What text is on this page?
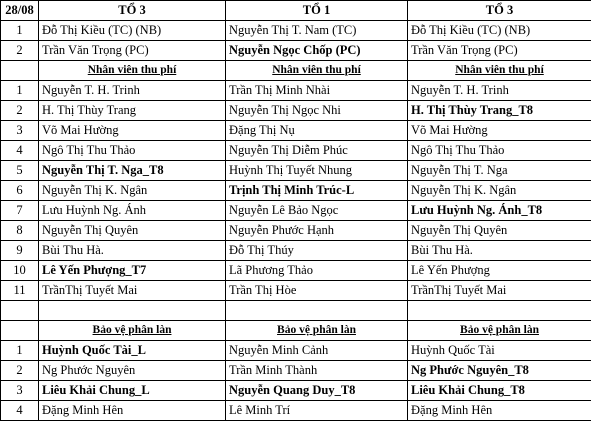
28/08	TỔ 3	TỔ 1	TỔ 3
1	Đỗ Thị Kiều (TC) (NB)	Nguyễn Thị T. Nam (TC)	Đỗ Thị Kiều (TC) (NB)
2	Trần Văn Trọng (PC)	Nguyễn Ngọc Chốp (PC)	Trần Văn Trọng (PC)
	Nhân viên thu phí	Nhân viên thu phí	Nhân viên thu phí
1	Nguyễn T. H. Trinh	Trần Thị Minh Nhài	Nguyễn T. H. Trinh
2	H. Thị Thùy Trang	Nguyễn Thị Ngọc Nhi	H. Thị Thùy Trang_T8
3	Võ Mai Hường	Đặng Thị Nụ	Võ Mai Hường
4	Ngô Thị Thu Thảo	Nguyễn Thị Diễm Phúc	Ngô Thị Thu Thảo
5	Nguyễn Thị T. Nga_T8	Huỳnh Thị Tuyết Nhung	Nguyễn Thị T. Nga
6	Nguyễn Thị K. Ngân	Trịnh Thị Minh Trúc-L	Nguyễn Thị K. Ngân
7	Lưu Huỳnh Ng. Ánh	Nguyễn Lê Bảo Ngọc	Lưu Huỳnh Ng. Ánh_T8
8	Nguyễn Thị Quyên	Nguyễn Phước Hạnh	Nguyễn Thị Quyên
9	Bùi Thu Hà.	Đỗ Thị Thúy	Bùi Thu Hà.
10	Lê Yến Phượng_T7	Lã Phương Thảo	Lê Yến Phượng
11	TrầnThị Tuyết Mai	Trần Thị Hòe	TrầnThị Tuyết Mai

	Bảo vệ phân làn	Bảo vệ phân làn	Bảo vệ phân làn
1	Huỳnh Quốc Tài_L	Nguyễn Minh Cảnh	Huỳnh Quốc Tài
2	Ng Phước Nguyên	Trần Minh Thành	Ng Phước Nguyên_T8
3	Liêu Khải Chung_L	Nguyễn Quang Duy_T8	Liêu Khải Chung_T8
4	Đặng Minh Hên	Lê Minh Trí	Đặng Minh Hên
